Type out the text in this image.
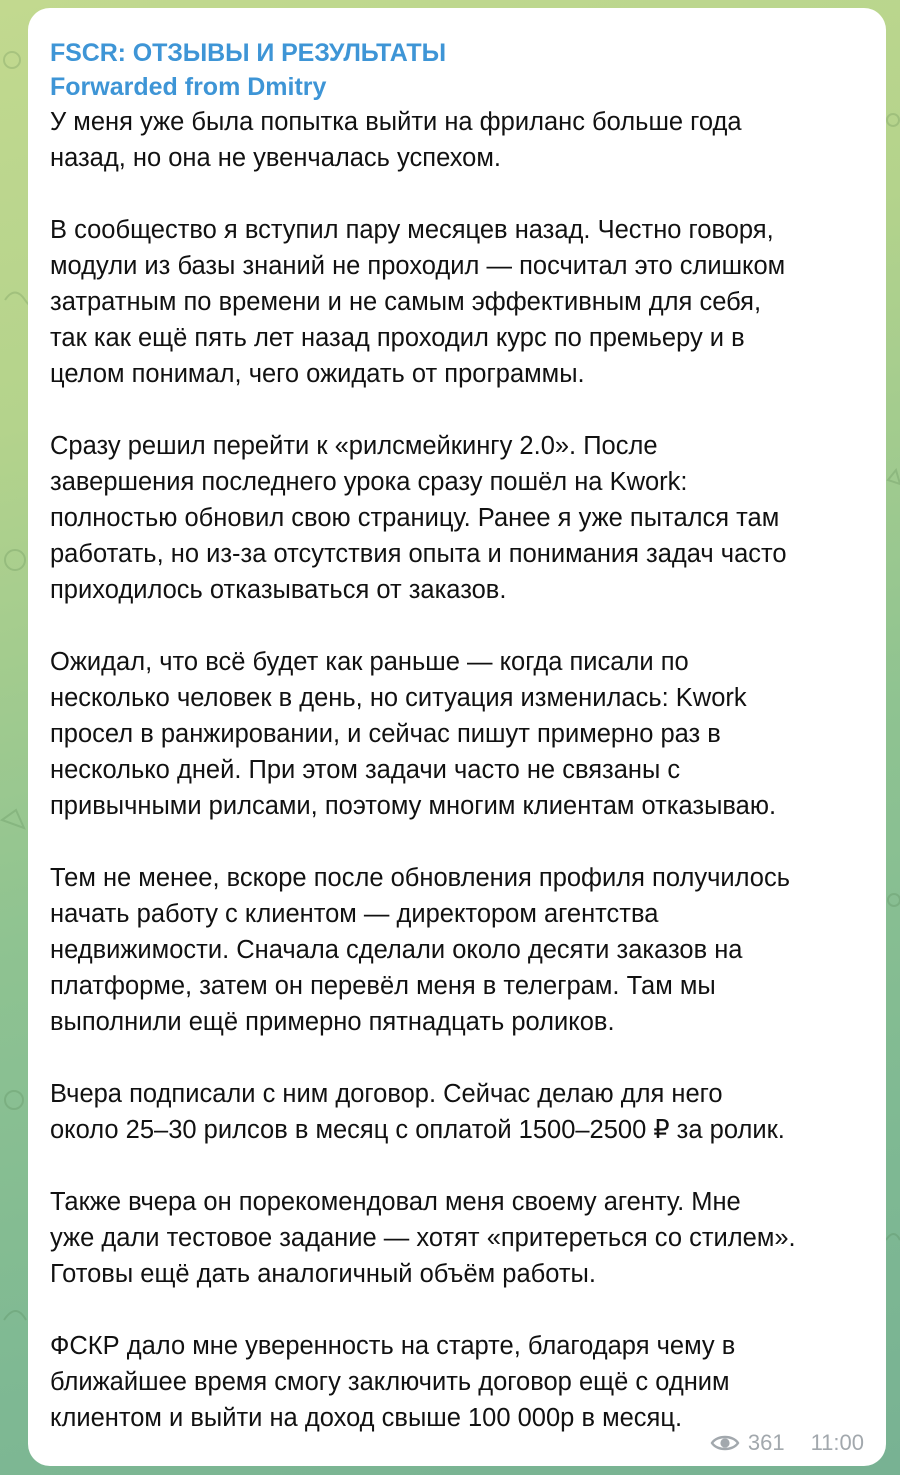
FSCR: ОТЗЫВЫ И РЕЗУЛЬТАТЫ
Forwarded from Dmitry

У меня уже была попытка выйти на фриланс больше года
назад, но она не увенчалась успехом.

В сообщество я вступил пару месяцев назад. Честно говоря,
модули из базы знаний не проходил — посчитал это слишком
затратным по времени и не самым эффективным для себя,
так как ещё пять лет назад проходил курс по премьеру и в
целом понимал, чего ожидать от программы.

Сразу решил перейти к «рилсмейкингу 2.0». После
завершения последнего урока сразу пошёл на Kwork:
полностью обновил свою страницу. Ранее я уже пытался там
работать, но из-за отсутствия опыта и понимания задач часто
приходилось отказываться от заказов.

Ожидал, что всё будет как раньше — когда писали по
несколько человек в день, но ситуация изменилась: Kwork
просел в ранжировании, и сейчас пишут примерно раз в
несколько дней. При этом задачи часто не связаны с
привычными рилсами, поэтому многим клиентам отказываю.

Тем не менее, вскоре после обновления профиля получилось
начать работу с клиентом — директором агентства
недвижимости. Сначала сделали около десяти заказов на
платформе, затем он перевёл меня в телеграм. Там мы
выполнили ещё примерно пятнадцать роликов.

Вчера подписали с ним договор. Сейчас делаю для него
около 25–30 рилсов в месяц с оплатой 1500–2500 ₽ за ролик.

Также вчера он порекомендовал меня своему агенту. Мне
уже дали тестовое задание — хотят «притереться со стилем».
Готовы ещё дать аналогичный объём работы.

ФСКР дало мне уверенность на старте, благодаря чему в
ближайшее время смогу заключить договор ещё с одним
клиентом и выйти на доход свыше 100 000р в месяц.

361 11:00
